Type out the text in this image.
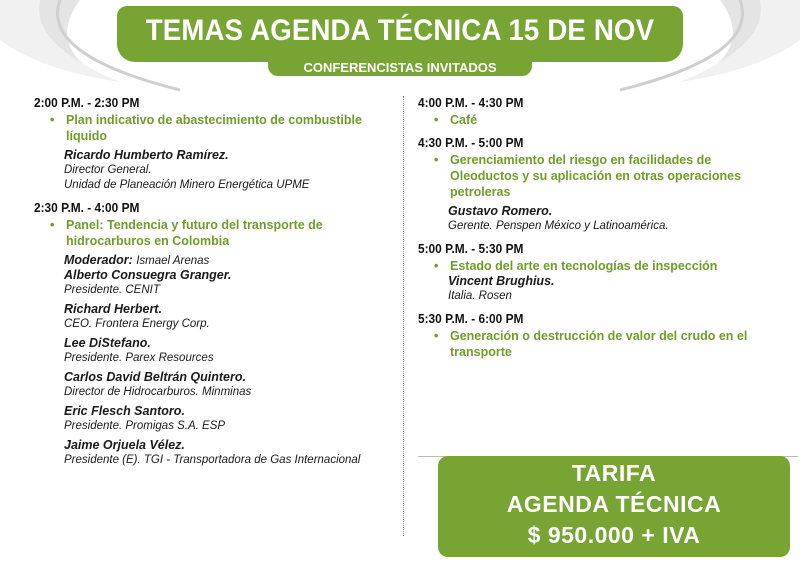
TEMAS AGENDA TÉCNICA 15 DE NOV
CONFERENCISTAS INVITADOS
2:00 P.M. - 2:30 PM
• Plan indicativo de abastecimiento de combustible líquido
Ricardo Humberto Ramírez.
Director General.
Unidad de Planeación Minero Energética UPME
2:30 P.M. - 4:00 PM
• Panel: Tendencia y futuro del transporte de hidrocarburos en Colombia
Moderador: Ismael Arenas
Alberto Consuegra Granger.
Presidente. CENIT
Richard Herbert.
CEO. Frontera Energy Corp.
Lee DiStefano.
Presidente. Parex Resources
Carlos David Beltrán Quintero.
Director de Hidrocarburos. Minminas
Eric Flesch Santoro.
Presidente. Promigas S.A. ESP
Jaime Orjuela Vélez.
Presidente (E). TGI - Transportadora de Gas Internacional
4:00 P.M. - 4:30 PM
• Café
4:30 P.M. - 5:00 PM
• Gerenciamiento del riesgo en facilidades de Oleoductos y su aplicación en otras operaciones petroleras
Gustavo Romero.
Gerente. Penspen México y Latinoamérica.
5:00 P.M. - 5:30 PM
• Estado del arte en tecnologías de inspección
Vincent Brughius.
Italia. Rosen
5:30 P.M. - 6:00 PM
• Generación o destrucción de valor del crudo en el transporte
TARIFA
AGENDA TÉCNICA
$ 950.000 + IVA
